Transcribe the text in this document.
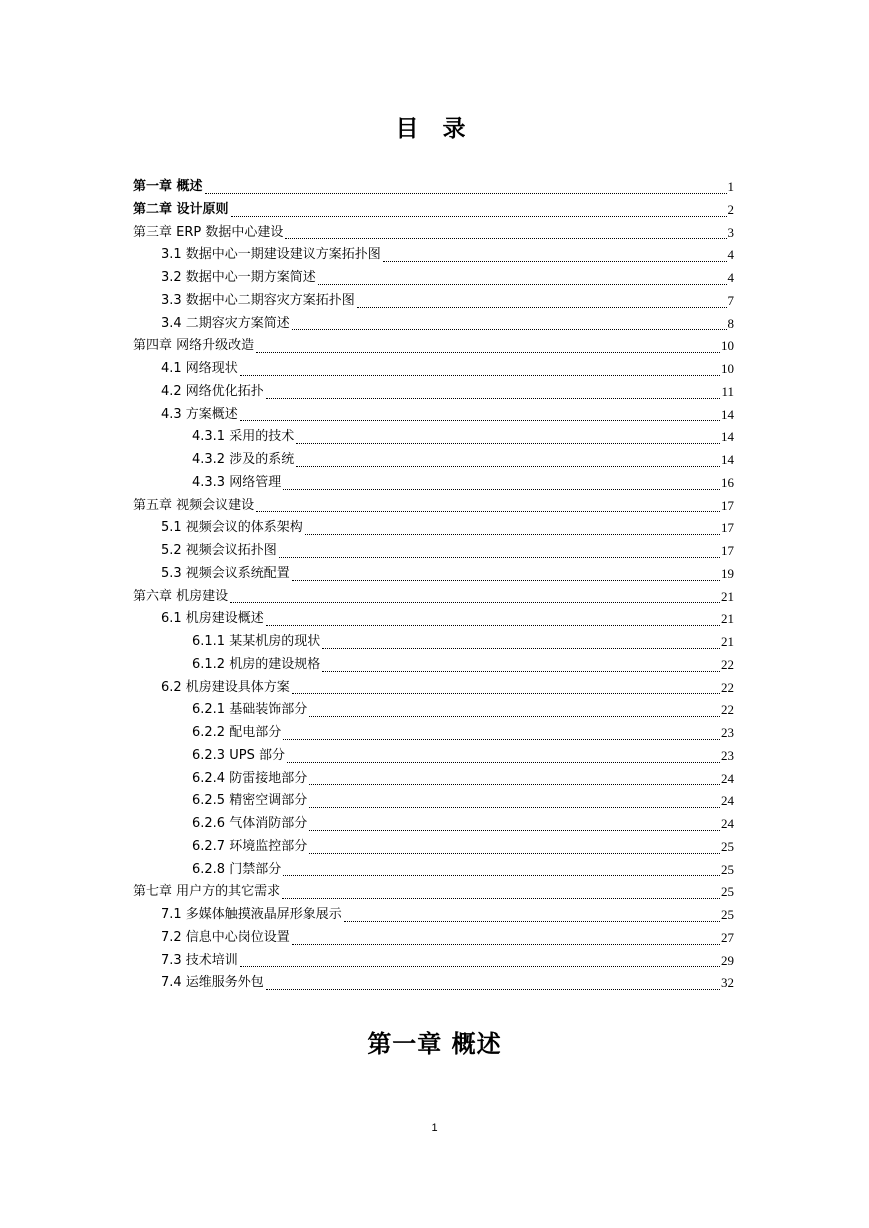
目 录
第一章 概述	1
第二章 设计原则	2
第三章 ERP 数据中心建设	3
3.1 数据中心一期建设建议方案拓扑图	4
3.2 数据中心一期方案简述	4
3.3 数据中心二期容灾方案拓扑图	7
3.4 二期容灾方案简述	8
第四章 网络升级改造	10
4.1 网络现状	10
4.2 网络优化拓扑	11
4.3 方案概述	14
4.3.1 采用的技术	14
4.3.2 涉及的系统	14
4.3.3 网络管理	16
第五章 视频会议建设	17
5.1 视频会议的体系架构	17
5.2 视频会议拓扑图	17
5.3 视频会议系统配置	19
第六章 机房建设	21
6.1 机房建设概述	21
6.1.1 某某机房的现状	21
6.1.2 机房的建设规格	22
6.2 机房建设具体方案	22
6.2.1 基础装饰部分	22
6.2.2 配电部分	23
6.2.3 UPS 部分	23
6.2.4 防雷接地部分	24
6.2.5 精密空调部分	24
6.2.6 气体消防部分	24
6.2.7 环境监控部分	25
6.2.8 门禁部分	25
第七章 用户方的其它需求	25
7.1 多媒体触摸液晶屏形象展示	25
7.2 信息中心岗位设置	27
7.3 技术培训	29
7.4 运维服务外包	32
第一章 概述
1
